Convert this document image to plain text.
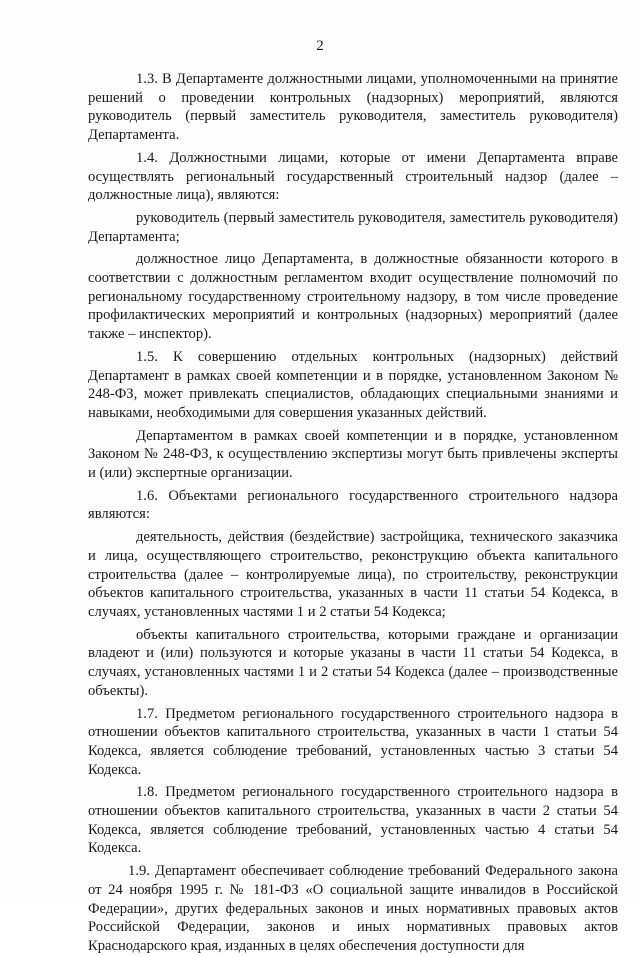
2

1.3. В Департаменте должностными лицами, уполномоченными на принятие решений о проведении контрольных (надзорных) мероприятий, являются руководитель (первый заместитель руководителя, заместитель руководителя) Департамента.

1.4. Должностными лицами, которые от имени Департамента вправе осуществлять региональный государственный строительный надзор (далее – должностные лица), являются:

руководитель (первый заместитель руководителя, заместитель руководителя) Департамента;

должностное лицо Департамента, в должностные обязанности которого в соответствии с должностным регламентом входит осуществление полномочий по региональному государственному строительному надзору, в том числе проведение профилактических мероприятий и контрольных (надзорных) мероприятий (далее также – инспектор).

1.5. К совершению отдельных контрольных (надзорных) действий Департамент в рамках своей компетенции и в порядке, установленном Законом № 248-ФЗ, может привлекать специалистов, обладающих специальными знаниями и навыками, необходимыми для совершения указанных действий.

Департаментом в рамках своей компетенции и в порядке, установленном Законом № 248-ФЗ, к осуществлению экспертизы могут быть привлечены эксперты и (или) экспертные организации.

1.6. Объектами регионального государственного строительного надзора являются:

деятельность, действия (бездействие) застройщика, технического заказчика и лица, осуществляющего строительство, реконструкцию объекта капитального строительства (далее – контролируемые лица), по строительству, реконструкции объектов капитального строительства, указанных в части 11 статьи 54 Кодекса, в случаях, установленных частями 1 и 2 статьи 54 Кодекса;

объекты капитального строительства, которыми граждане и организации владеют и (или) пользуются и которые указаны в части 11 статьи 54 Кодекса, в случаях, установленных частями 1 и 2 статьи 54 Кодекса (далее – производственные объекты).

1.7. Предметом регионального государственного строительного надзора в отношении объектов капитального строительства, указанных в части 1 статьи 54 Кодекса, является соблюдение требований, установленных частью 3 статьи 54 Кодекса.

1.8. Предметом регионального государственного строительного надзора в отношении объектов капитального строительства, указанных в части 2 статьи 54 Кодекса, является соблюдение требований, установленных частью 4 статьи 54 Кодекса.

1.9. Департамент обеспечивает соблюдение требований Федерального закона от 24 ноября 1995 г. № 181-ФЗ «О социальной защите инвалидов в Российской Федерации», других федеральных законов и иных нормативных правовых актов Российской Федерации, законов и иных нормативных правовых актов Краснодарского края, изданных в целях обеспечения доступности для
